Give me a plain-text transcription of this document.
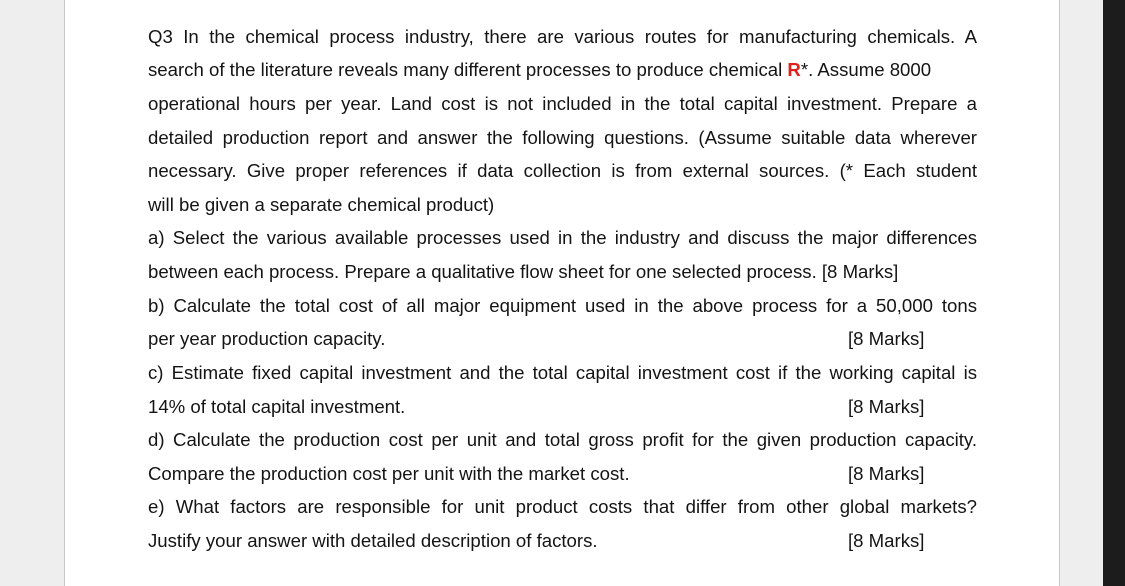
Q3 In the chemical process industry, there are various routes for manufacturing chemicals. A
search of the literature reveals many different processes to produce chemical R*. Assume 8000
operational hours per year. Land cost is not included in the total capital investment. Prepare a
detailed production report and answer the following questions. (Assume suitable data wherever
necessary. Give proper references if data collection is from external sources. (* Each student
will be given a separate chemical product)
a) Select the various available processes used in the industry and discuss the major differences
between each process. Prepare a qualitative flow sheet for one selected process. [8 Marks]
b) Calculate the total cost of all major equipment used in the above process for a 50,000 tons
per year production capacity.	[8 Marks]
c) Estimate fixed capital investment and the total capital investment cost if the working capital is
14% of total capital investment.	[8 Marks]
d) Calculate the production cost per unit and total gross profit for the given production capacity.
Compare the production cost per unit with the market cost.	[8 Marks]
e) What factors are responsible for unit product costs that differ from other global markets?
Justify your answer with detailed description of factors.	[8 Marks]
